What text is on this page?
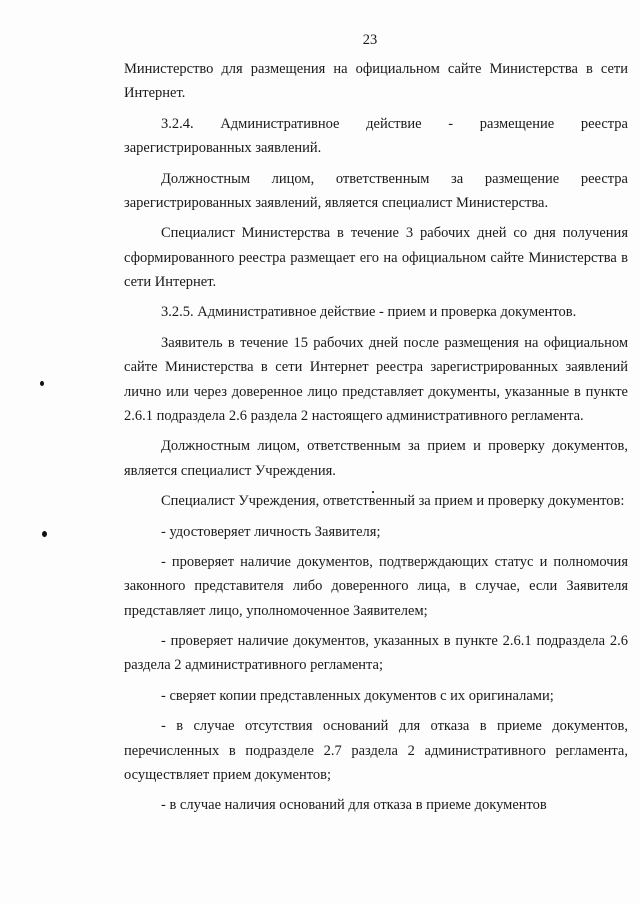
23

Министерство для размещения на официальном сайте Министерства в сети Интернет.

3.2.4. Административное действие - размещение реестра зарегистрированных заявлений.

Должностным лицом, ответственным за размещение реестра зарегистрированных заявлений, является специалист Министерства.

Специалист Министерства в течение 3 рабочих дней со дня получения сформированного реестра размещает его на официальном сайте Министерства в сети Интернет.

3.2.5. Административное действие - прием и проверка документов.

Заявитель в течение 15 рабочих дней после размещения на официальном сайте Министерства в сети Интернет реестра зарегистрированных заявлений лично или через доверенное лицо представляет документы, указанные в пункте 2.6.1 подраздела 2.6 раздела 2 настоящего административного регламента.

Должностным лицом, ответственным за прием и проверку документов, является специалист Учреждения.

Специалист Учреждения, ответственный за прием и проверку документов:

- удостоверяет личность Заявителя;

- проверяет наличие документов, подтверждающих статус и полномочия законного представителя либо доверенного лица, в случае, если Заявителя представляет лицо, уполномоченное Заявителем;

- проверяет наличие документов, указанных в пункте 2.6.1 подраздела 2.6 раздела 2 административного регламента;

- сверяет копии представленных документов с их оригиналами;

- в случае отсутствия оснований для отказа в приеме документов, перечисленных в подразделе 2.7 раздела 2 административного регламента, осуществляет прием документов;

- в случае наличия оснований для отказа в приеме документов
